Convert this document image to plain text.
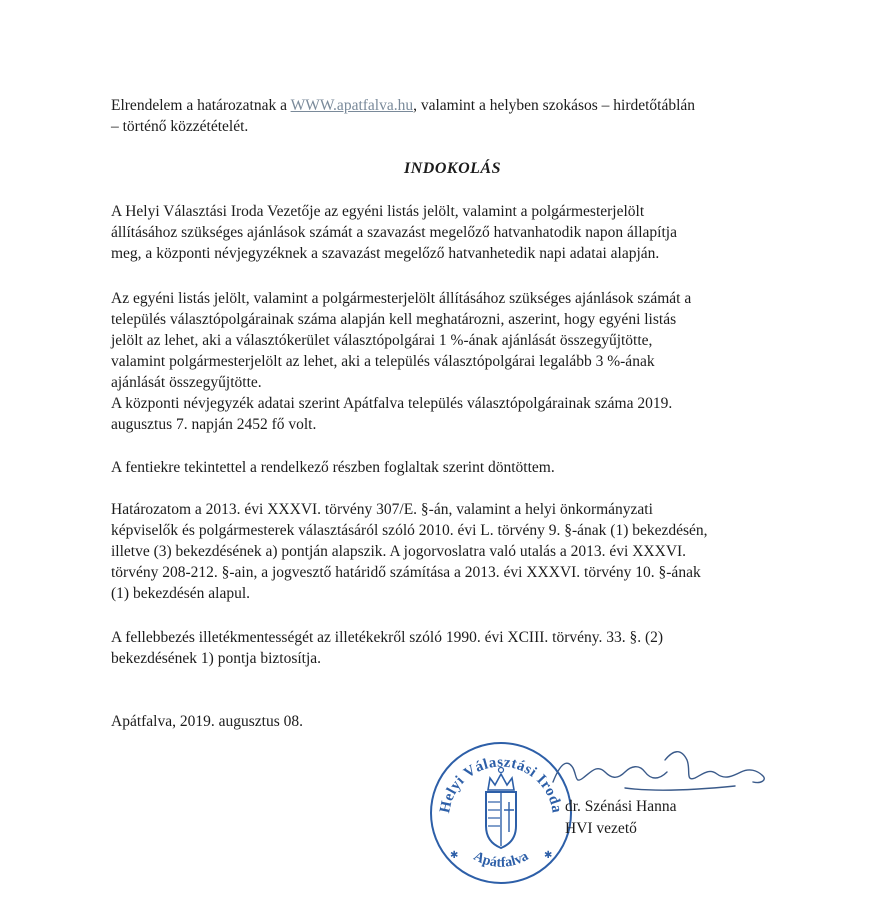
Elrendelem a határozatnak a WWW.apatfalva.hu, valamint a helyben szokásos – hirdetőtáblán
– történő közzétételét.
INDOKOLÁS
A Helyi Választási Iroda Vezetője az egyéni listás jelölt, valamint a polgármesterjelölt
állításához szükséges ajánlások számát a szavazást megelőző hatvanhatodik napon állapítja
meg, a központi névjegyzéknek a szavazást megelőző hatvanhetedik napi adatai alapján.
Az egyéni listás jelölt, valamint a polgármesterjelölt állításához szükséges ajánlások számát a
település választópolgárainak száma alapján kell meghatározni, aszerint, hogy egyéni listás
jelölt az lehet, aki a választókerület választópolgárai 1 %-ának ajánlását összegyűjtötte,
valamint polgármesterjelölt az lehet, aki a település választópolgárai legalább 3 %-ának
ajánlását összegyűjtötte.
A központi névjegyzék adatai szerint Apátfalva település választópolgárainak száma 2019.
augusztus 7. napján 2452 fő volt.
A fentiekre tekintettel a rendelkező részben foglaltak szerint döntöttem.
Határozatom a 2013. évi XXXVI. törvény 307/E. §-án, valamint a helyi önkormányzati
képviselők és polgármesterek választásáról szóló 2010. évi L. törvény 9. §-ának (1) bekezdésén,
illetve (3) bekezdésének a) pontján alapszik. A jogorvoslatra való utalás a 2013. évi XXXVI.
törvény 208-212. §-ain, a jogvesztő határidő számítása a 2013. évi XXXVI. törvény 10. §-ának
(1) bekezdésén alapul.
A fellebbezés illetékmentességét az illetékekről szóló 1990. évi XCIII. törvény. 33. §. (2)
bekezdésének 1) pontja biztosítja.
Apátfalva, 2019. augusztus 08.
Helyi Választási Iroda
Apátfalva
✱	✱
dr. Szénási Hanna
HVI vezető
